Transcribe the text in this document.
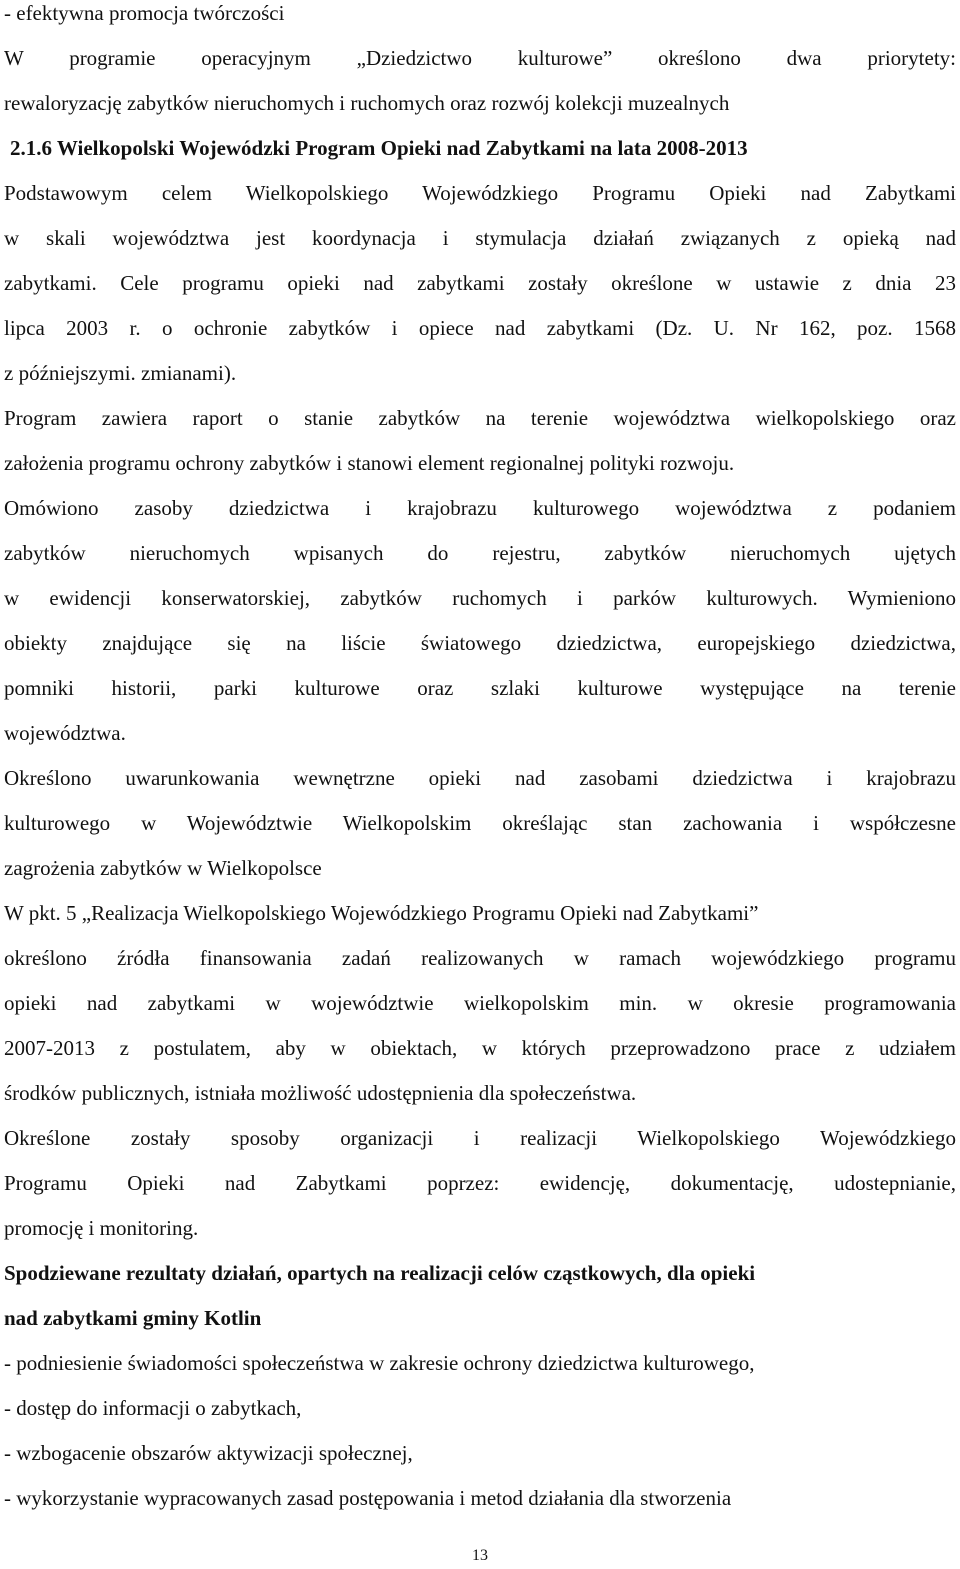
- efektywna promocja twórczości
W programie operacyjnym „Dziedzictwo kulturowe” określono dwa priorytety:
rewaloryzację zabytków nieruchomych i ruchomych oraz rozwój kolekcji muzealnych
2.1.6 Wielkopolski Wojewódzki Program Opieki nad Zabytkami na lata 2008-2013
Podstawowym celem Wielkopolskiego Wojewódzkiego Programu Opieki nad Zabytkami
w skali województwa jest koordynacja i stymulacja działań związanych z opieką nad
zabytkami. Cele programu opieki nad zabytkami zostały określone w ustawie z dnia 23
lipca 2003 r. o ochronie zabytków i opiece nad zabytkami (Dz. U. Nr 162, poz. 1568
z późniejszymi. zmianami).
Program zawiera raport o stanie zabytków na terenie województwa wielkopolskiego oraz
założenia programu ochrony zabytków i stanowi element regionalnej polityki rozwoju.
Omówiono zasoby dziedzictwa i krajobrazu kulturowego województwa z podaniem
zabytków nieruchomych wpisanych do rejestru, zabytków nieruchomych ujętych
w ewidencji konserwatorskiej, zabytków ruchomych i parków kulturowych. Wymieniono
obiekty znajdujące się na liście światowego dziedzictwa, europejskiego dziedzictwa,
pomniki historii, parki kulturowe oraz szlaki kulturowe występujące na terenie
województwa.
Określono uwarunkowania wewnętrzne opieki nad zasobami dziedzictwa i krajobrazu
kulturowego w Województwie Wielkopolskim określając stan zachowania i współczesne
zagrożenia zabytków w Wielkopolsce
W pkt. 5 „Realizacja Wielkopolskiego Wojewódzkiego Programu Opieki nad Zabytkami”
określono źródła finansowania zadań realizowanych w ramach wojewódzkiego programu
opieki nad zabytkami w województwie wielkopolskim min. w okresie programowania
2007-2013 z postulatem, aby w obiektach, w których przeprowadzono prace z udziałem
środków publicznych, istniała możliwość udostępnienia dla społeczeństwa.
Określone zostały sposoby organizacji i realizacji Wielkopolskiego Wojewódzkiego
Programu Opieki nad Zabytkami poprzez: ewidencję, dokumentację, udostepnianie,
promocję i monitoring.
Spodziewane rezultaty działań, opartych na realizacji celów cząstkowych, dla opieki
nad zabytkami gminy Kotlin
- podniesienie świadomości społeczeństwa w zakresie ochrony dziedzictwa kulturowego,
- dostęp do informacji o zabytkach,
- wzbogacenie obszarów aktywizacji społecznej,
- wykorzystanie wypracowanych zasad postępowania i metod działania dla stworzenia
13
